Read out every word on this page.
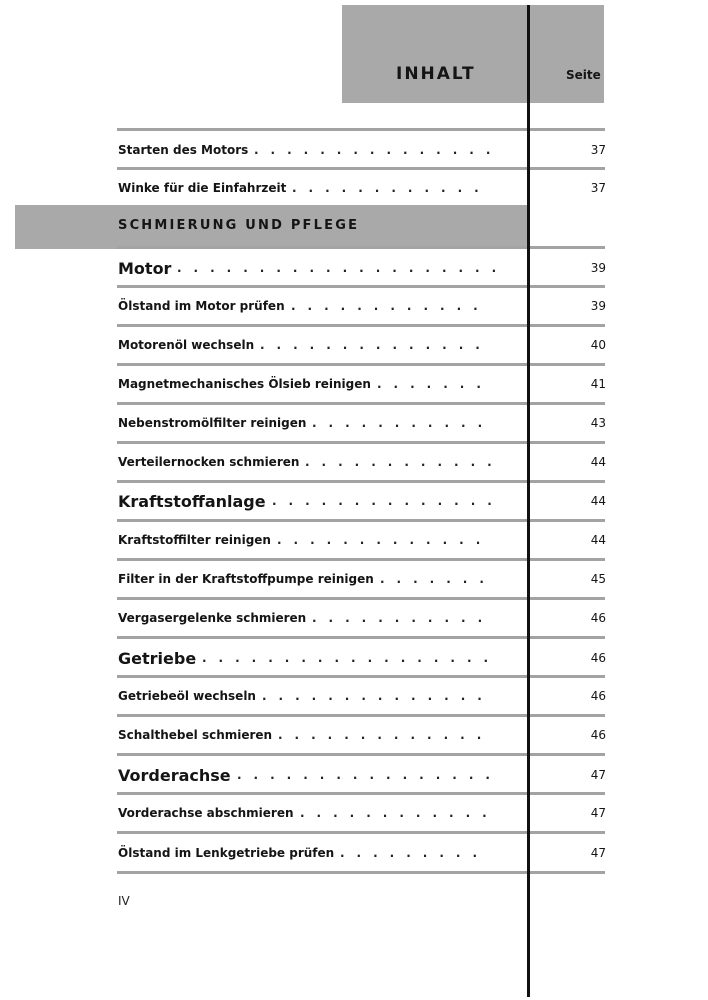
INHALT	Seite
SCHMIERUNG UND PFLEGE
Starten des Motors	37
...............
Winke für die Einfahrzeit	37
............
Motor	39
....................
Ölstand im Motor prüfen	39
............
Motorenöl wechseln	40
..............
Magnetmechanisches Ölsieb reinigen	41
.......
Nebenstromölfilter reinigen	43
...........
Verteilernocken schmieren	44
............
Kraftstoffanlage	44
..............
Kraftstoffilter reinigen	44
.............
Filter in der Kraftstoffpumpe reinigen	45
.......
Vergasergelenke schmieren	46
...........
Getriebe	46
..................
Getriebeöl wechseln	46
..............
Schalthebel schmieren	46
.............
Vorderachse	47
................
Vorderachse abschmieren	47
............
Ölstand im Lenkgetriebe prüfen	47
.........
IV
